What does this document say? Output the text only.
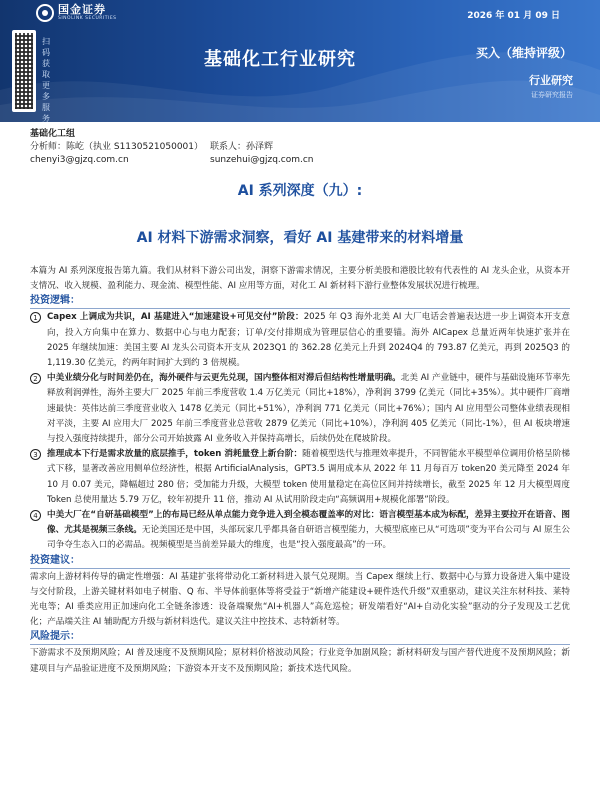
国金证券
SINOLINK SECURITIES	2026 年 01 月 09 日
扫码获取更多服务
基础化工行业研究	买入（维持评级）
行业研究
证券研究报告
基础化工组
分析师：陈屹（执业 S1130521050001） 联系人：孙泽辉
chenyi3@gjzq.com.cn	sunzehui@gjzq.com.cn
AI 系列深度（九）:
AI 材料下游需求洞察，看好 AI 基建带来的材料增量

本篇为 AI 系列深度报告第九篇。我们从材料下游公司出发，洞察下游需求情况，主要分析美股和港股比较有代表性的 AI 龙头企业，从资本开支情况、收入规模、盈利能力、现金流、模型性能、AI 应用等方面，对化工 AI 新材料下游行业整体发展状况进行梳理。

投资逻辑：

1	Capex 上调成为共识，AI 基建进入“加速建设+可见交付”阶段：2025 年 Q3 海外北美 AI 大厂电话会普遍表达进一步上调资本开支意向，投入方向集中在算力、数据中心与电力配套；订单/交付排期成为管理层信心的重要锚。海外 AICapex 总量近两年快速扩张并在 2025 年继续加速：美国主要 AI 龙头公司资本开支从 2023Q1 的 362.28 亿美元上升到 2024Q4 的 793.87 亿美元，再到 2025Q3 的 1,119.30 亿美元，约两年时间扩大到约 3 倍规模。

2	中美业绩分化与时间差仍在，海外硬件与云更先兑现，国内整体相对滞后但结构性增量明确。北美 AI 产业链中，硬件与基础设施环节率先释放利润弹性，海外主要大厂 2025 年前三季度营收 1.4 万亿美元（同比+18%），净利润 3799 亿美元（同比+35%）。其中硬件厂商增速最快：英伟达前三季度营业收入 1478 亿美元（同比+51%），净利润 771 亿美元（同比+76%）；国内 AI 应用型公司整体业绩表现相对平淡，主要 AI 应用大厂 2025 年前三季度营业总营收 2879 亿美元（同比+10%），净利润 405 亿美元（同比-1%），但 AI 板块增速与投入强度持续提升，部分公司开始披露 AI 业务收入并保持高增长，后续仍处在爬坡阶段。

3	推理成本下行是需求放量的底层推手，token 消耗量登上新台阶：随着模型迭代与推理效率提升，不同智能水平模型单位调用价格呈阶梯式下移，显著改善应用侧单位经济性，根据 ArtificialAnalysis，GPT3.5 调用成本从 2022 年 11 月每百万 token20 美元降至 2024 年 10 月 0.07 美元，降幅超过 280 倍；受加能力升级，大模型 token 使用量稳定在高位区间并持续增长，截至 2025 年 12 月大模型周度 Token 总使用量达 5.79 万亿，较年初提升 11 倍，推动 AI 从试用阶段走向“高频调用+规模化部署”阶段。

4	中美大厂在“自研基础模型”上的布局已经从单点能力竞争进入到全模态覆盖率的对比：语言模型基本成为标配，差异主要拉开在语音、图像、尤其是视频三条线。无论美国还是中国，头部玩家几乎都具备自研语言模型能力，大模型底座已从“可选项”变为平台公司与 AI 原生公司争夺生态入口的必需品。视频模型是当前差异最大的维度，也是“投入强度最高”的一环。

投资建议：

需求向上游材料传导的确定性增强：AI 基建扩张将带动化工新材料进入景气兑现期。当 Capex 继续上行、数据中心与算力设备进入集中建设与交付阶段，上游关键材料如电子树脂、Q 布、半导体前驱体等将受益于“新增产能建设+硬件迭代升级”双重驱动，建议关注东材科技、莱特光电等；AI 垂类应用正加速向化工全链条渗透：设备端聚焦“AI+机器人”高危巡检；研发端看好“AI+自动化实验”驱动的分子发现及工艺优化；产品端关注 AI 辅助配方升级与新材料迭代。建议关注中控技术、志特新材等。

风险提示：

下游需求不及预期风险；AI 普及速度不及预期风险；原材料价格波动风险；行业竞争加剧风险；新材料研发与国产替代进度不及预期风险；新建项目与产品验证进度不及预期风险；下游资本开支不及预期风险；新技术迭代风险。
